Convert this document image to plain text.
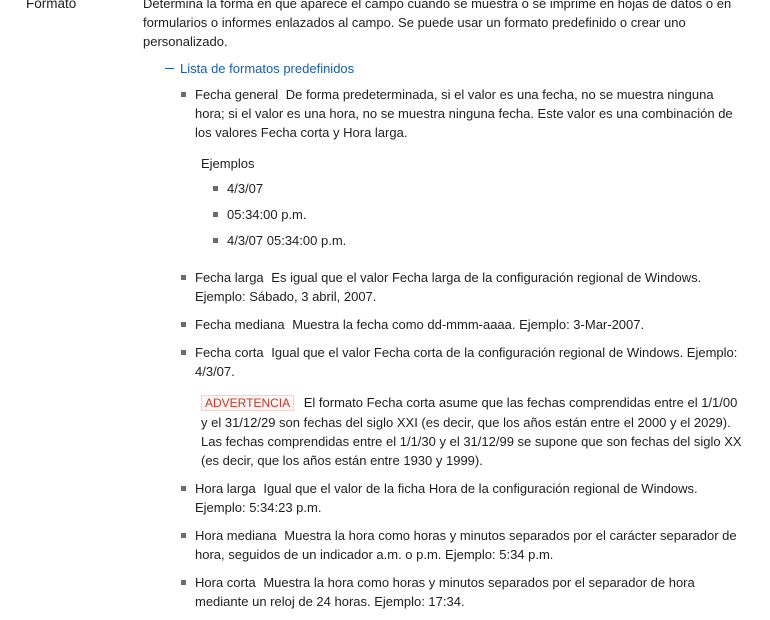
Formato	Determina la forma en que aparece el campo cuando se muestra o se imprime en hojas de datos o en formularios o informes enlazados al campo. Se puede usar un formato predefinido o crear uno personalizado.

Lista de formatos predefinidos
Fecha general De forma predeterminada, si el valor es una fecha, no se muestra ninguna hora; si el valor es una hora, no se muestra ninguna fecha. Este valor es una combinación de los valores Fecha corta y Hora larga.
Ejemplos
4/3/07
05:34:00 p.m.
4/3/07 05:34:00 p.m.
Fecha larga Es igual que el valor Fecha larga de la configuración regional de Windows. Ejemplo: Sábado, 3 abril, 2007.
Fecha mediana Muestra la fecha como dd-mmm-aaaa. Ejemplo: 3-Mar-2007.
Fecha corta Igual que el valor Fecha corta de la configuración regional de Windows. Ejemplo: 4/3/07.
ADVERTENCIA El formato Fecha corta asume que las fechas comprendidas entre el 1/1/00 y el 31/12/29 son fechas del siglo XXI (es decir, que los años están entre el 2000 y el 2029). Las fechas comprendidas entre el 1/1/30 y el 31/12/99 se supone que son fechas del siglo XX (es decir, que los años están entre 1930 y 1999).
Hora larga Igual que el valor de la ficha Hora de la configuración regional de Windows. Ejemplo: 5:34:23 p.m.
Hora mediana Muestra la hora como horas y minutos separados por el carácter separador de hora, seguidos de un indicador a.m. o p.m. Ejemplo: 5:34 p.m.
Hora corta Muestra la hora como horas y minutos separados por el separador de hora mediante un reloj de 24 horas. Ejemplo: 17:34.
